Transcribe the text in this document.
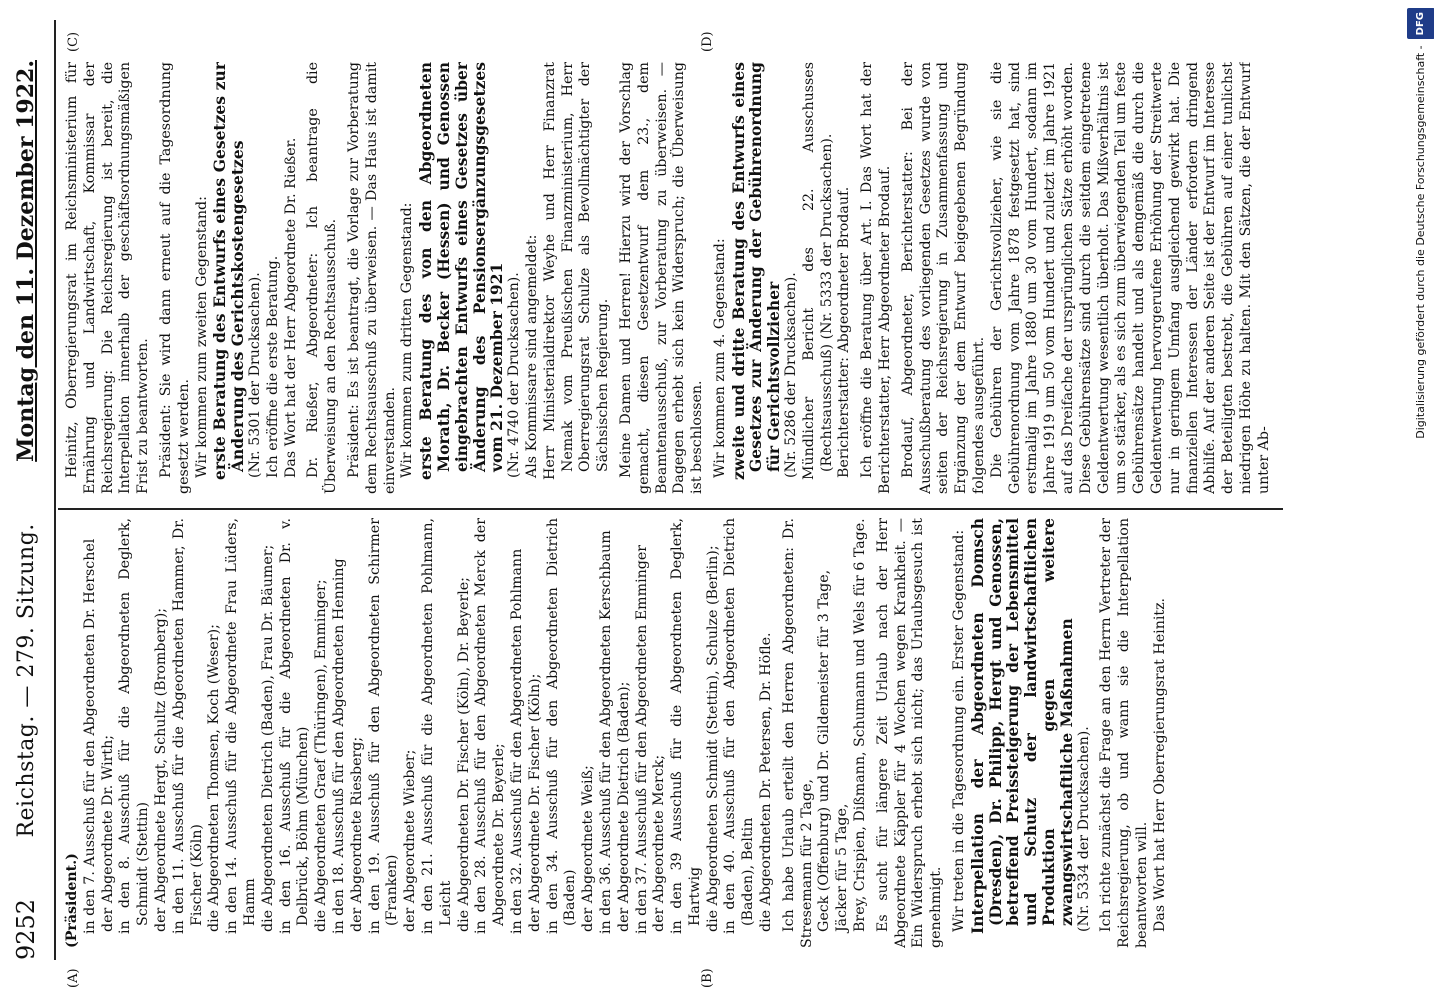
9252
Reichstag. — 279. Sitzung.
Montag den 11. Dezember 1922.
(A)	(B)
(C)	(D)

(Präsident.) in den 7. Ausschuß für den Abgeordneten Dr. Herschel der Abgeordnete Dr. Wirth; in den 8. Ausschuß für die Abgeordneten Deglerk, Schmidt (Stettin) der Abgeordnete Hergt, Schultz (Bromberg); in den 11. Ausschuß für die Abgeordneten Hammer, Dr. Fischer (Köln) die Abgeordneten Thomsen, Koch (Weser); in den 14. Ausschuß für die Abgeordnete Frau Lüders, Hamm die Abgeordneten Dietrich (Baden), Frau Dr. Bäumer; in den 16. Ausschuß für die Abgeordneten Dr. v. Delbrück, Böhm (München) die Abgeordneten Graef (Thüringen), Emminger; in den 18. Ausschuß für den Abgeordneten Henning der Abgeordnete Riesberg; in den 19. Ausschuß für den Abgeordneten Schirmer (Franken) der Abgeordnete Wieber; in den 21. Ausschuß für die Abgeordneten Pohlmann, Leicht die Abgeordneten Dr. Fischer (Köln), Dr. Beyerle; in den 28. Ausschuß für den Abgeordneten Merck der Abgeordnete Dr. Beyerle; in den 32. Ausschuß für den Abgeordneten Pohlmann der Abgeordnete Dr. Fischer (Köln); in den 34. Ausschuß für den Abgeordneten Dietrich (Baden) der Abgeordnete Weiß; in den 36. Ausschuß für den Abgeordneten Kerschbaum der Abgeordnete Dietrich (Baden); in den 37. Ausschuß für den Abgeordneten Emminger der Abgeordnete Merck; in den 39 Ausschuß für die Abgeordneten Deglerk, Hartwig die Abgeordneten Schmidt (Stettin), Schulze (Berlin); in den 40. Ausschuß für den Abgeordneten Dietrich (Baden), Beltin die Abgeordneten Dr. Petersen, Dr. Höfle. Ich habe Urlaub erteilt den Herren Abgeordneten: Dr. Stresemann für 2 Tage, Geck (Offenburg) und Dr. Gildemeister für 3 Tage, Jäcker für 5 Tage, Brey, Crispien, Dißmann, Schumann und Wels für 6 Tage. Es sucht für längere Zeit Urlaub nach der Herr Abgeordnete Käppler für 4 Wochen wegen Krankheit. — Ein Widerspruch erhebt sich nicht; das Urlaubsgesuch ist genehmigt. Wir treten in die Tagesordnung ein. Erster Gegenstand: Interpellation der Abgeordneten Domsch (Dresden), Dr. Philipp, Hergt und Genossen, betreffend Preissteigerung der Lebensmittel und Schutz der landwirtschaftlichen Produktion gegen weitere zwangswirtschaftliche Maßnahmen (Nr. 5334 der Drucksachen). Ich richte zunächst die Frage an den Herrn Vertreter der Reichsregierung, ob und wann sie die Interpellation beantworten will. Das Wort hat Herr Oberregierungsrat Heinitz.

Heinitz, Oberregierungsrat im Reichsministerium für Ernährung und Landwirtschaft, Kommissar der Reichsregierung: Die Reichsregierung ist bereit, die Interpellation innerhalb der geschäftsordnungsmäßigen Frist zu beantworten. Präsident: Sie wird dann erneut auf die Tagesordnung gesetzt werden. Wir kommen zum zweiten Gegenstand: erste Beratung des Entwurfs eines Gesetzes zur Änderung des Gerichtskostengesetzes (Nr. 5301 der Drucksachen). Ich eröffne die erste Beratung. Das Wort hat der Herr Abgeordnete Dr. Rießer. Dr. Rießer, Abgeordneter: Ich beantrage die Überweisung an den Rechtsausschuß. Präsident: Es ist beantragt, die Vorlage zur Vorberatung dem Rechtsausschuß zu überweisen. — Das Haus ist damit einverstanden. Wir kommen zum dritten Gegenstand: erste Beratung des von den Abgeordneten Morath, Dr. Becker (Hessen) und Genossen eingebrachten Entwurfs eines Gesetzes über Änderung des Pensionsergänzungsgesetzes vom 21. Dezember 1921 (Nr. 4740 der Drucksachen). Als Kommissare sind angemeldet: Herr Ministerialdirektor Weyhe und Herr Finanzrat Nemak vom Preußischen Finanzministerium, Herr Oberregierungsrat Schulze als Bevollmächtigter der Sächsischen Regierung. Meine Damen und Herren! Hierzu wird der Vorschlag gemacht, diesen Gesetzentwurf dem 23., dem Beamtenausschuß, zur Vorberatung zu überweisen. — Dagegen erhebt sich kein Widerspruch; die Überweisung ist beschlossen. Wir kommen zum 4. Gegenstand: zweite und dritte Beratung des Entwurfs eines Gesetzes zur Änderung der Gebührenordnung für Gerichtsvollzieher (Nr. 5286 der Drucksachen). Mündlicher Bericht des 22. Ausschusses (Rechtsausschuß) (Nr. 5333 der Drucksachen). Berichterstatter: Abgeordneter Brodauf. Ich eröffne die Beratung über Art. I. Das Wort hat der Berichterstatter, Herr Abgeordneter Brodauf. Brodauf, Abgeordneter, Berichterstatter: Bei der Ausschußberatung des vorliegenden Gesetzes wurde von seiten der Reichsregierung in Zusammenfassung und Ergänzung der dem Entwurf beigegebenen Begründung folgendes ausgeführt. Die Gebühren der Gerichtsvollzieher, wie sie die Gebührenordnung vom Jahre 1878 festgesetzt hat, sind erstmalig im Jahre 1880 um 30 vom Hundert, sodann im Jahre 1919 um 50 vom Hundert und zuletzt im Jahre 1921 auf das Dreifache der ursprünglichen Sätze erhöht worden. Diese Gebührensätze sind durch die seitdem eingetretene Geldentwertung wesentlich überholt. Das Mißverhältnis ist um so stärker, als es sich zum überwiegenden Teil um feste Gebührensätze handelt und als demgemäß die durch die Geldentwertung hervorgerufene Erhöhung der Streitwerte nur in geringem Umfang ausgleichend gewirkt hat. Die finanziellen Interessen der Länder erfordern dringend Abhilfe. Auf der anderen Seite ist der Entwurf im Interesse der Beteiligten bestrebt, die Gebühren auf einer tunlichst niedrigen Höhe zu halten. Mit den Sätzen, die der Entwurf unter Ab-

Digitalisierung gefördert durch die Deutsche Forschungsgemeinschaft -
DFG
